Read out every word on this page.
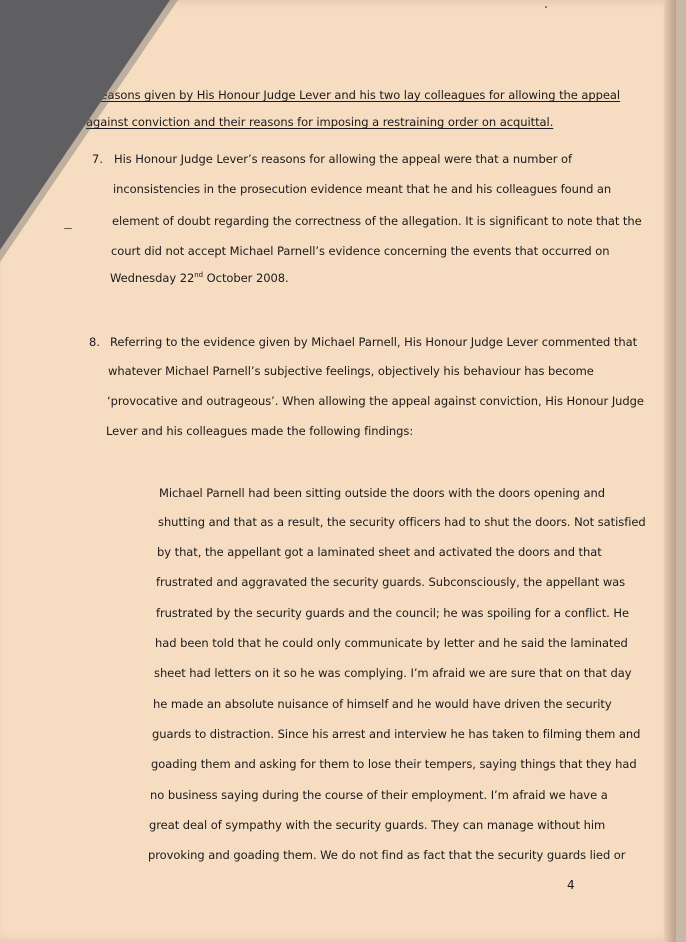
reasons given by His Honour Judge Lever and his two lay colleagues for allowing the appeal
against conviction and their reasons for imposing a restraining order on acquittal.
7. His Honour Judge Lever’s reasons for allowing the appeal were that a number of
inconsistencies in the prosecution evidence meant that he and his colleagues found an
element of doubt regarding the correctness of the allegation. It is significant to note that the
court did not accept Michael Parnell’s evidence concerning the events that occurred on
Wednesday 22nd October 2008.
8. Referring to the evidence given by Michael Parnell, His Honour Judge Lever commented that
whatever Michael Parnell’s subjective feelings, objectively his behaviour has become
‘provocative and outrageous’. When allowing the appeal against conviction, His Honour Judge
Lever and his colleagues made the following findings:
Michael Parnell had been sitting outside the doors with the doors opening and
shutting and that as a result, the security officers had to shut the doors. Not satisfied
by that, the appellant got a laminated sheet and activated the doors and that
frustrated and aggravated the security guards. Subconsciously, the appellant was
frustrated by the security guards and the council; he was spoiling for a conflict. He
had been told that he could only communicate by letter and he said the laminated
sheet had letters on it so he was complying. I’m afraid we are sure that on that day
he made an absolute nuisance of himself and he would have driven the security
guards to distraction. Since his arrest and interview he has taken to filming them and
goading them and asking for them to lose their tempers, saying things that they had
no business saying during the course of their employment. I’m afraid we have a
great deal of sympathy with the security guards. They can manage without him
provoking and goading them. We do not find as fact that the security guards lied or
4
